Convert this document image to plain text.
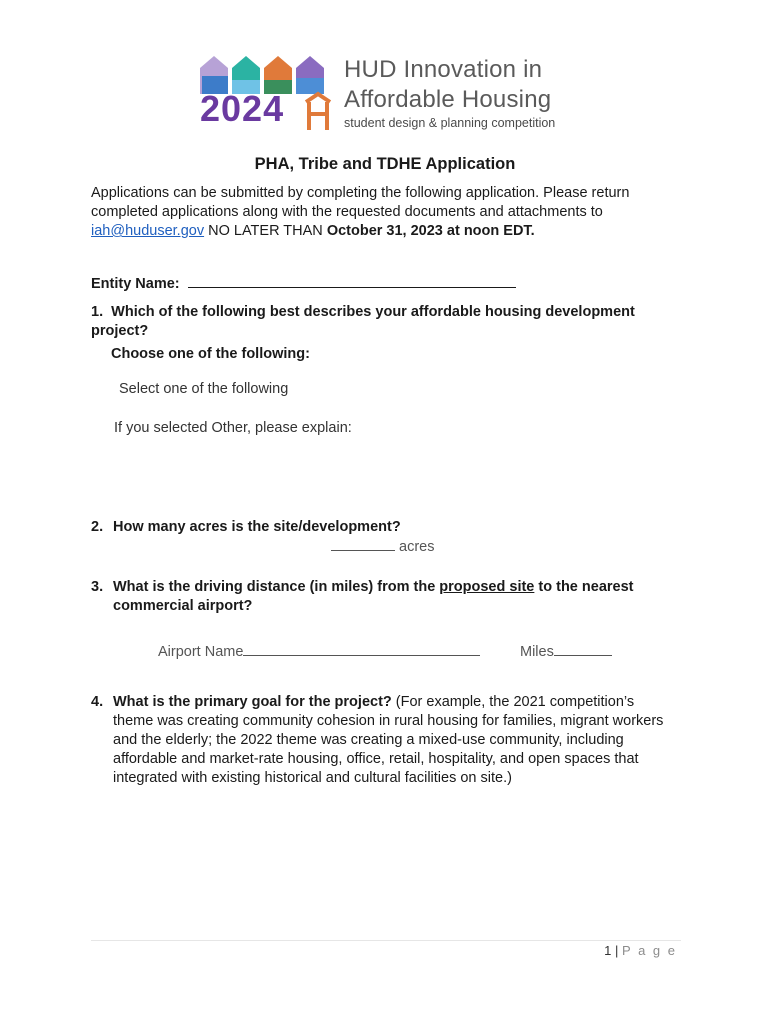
2024
HUD Innovation in
Affordable Housing
student design & planning competition
PHA, Tribe and TDHE Application
Applications can be submitted by completing the following application. Please return completed applications along with the requested documents and attachments to iah@huduser.gov NO LATER THAN October 31, 2023 at noon EDT.
Entity Name:
1. Which of the following best describes your affordable housing development project?
Choose one of the following:
Select one of the following
If you selected Other, please explain:
2. How many acres is the site/development?
acres
3. What is the driving distance (in miles) from the proposed site to the nearest commercial airport?
Airport Name	Miles
4. What is the primary goal for the project? (For example, the 2021 competition’s theme was creating community cohesion in rural housing for families, migrant workers and the elderly; the 2022 theme was creating a mixed-use community, including affordable and market-rate housing, office, retail, hospitality, and open spaces that integrated with existing historical and cultural facilities on site.)
1 | P a g e
